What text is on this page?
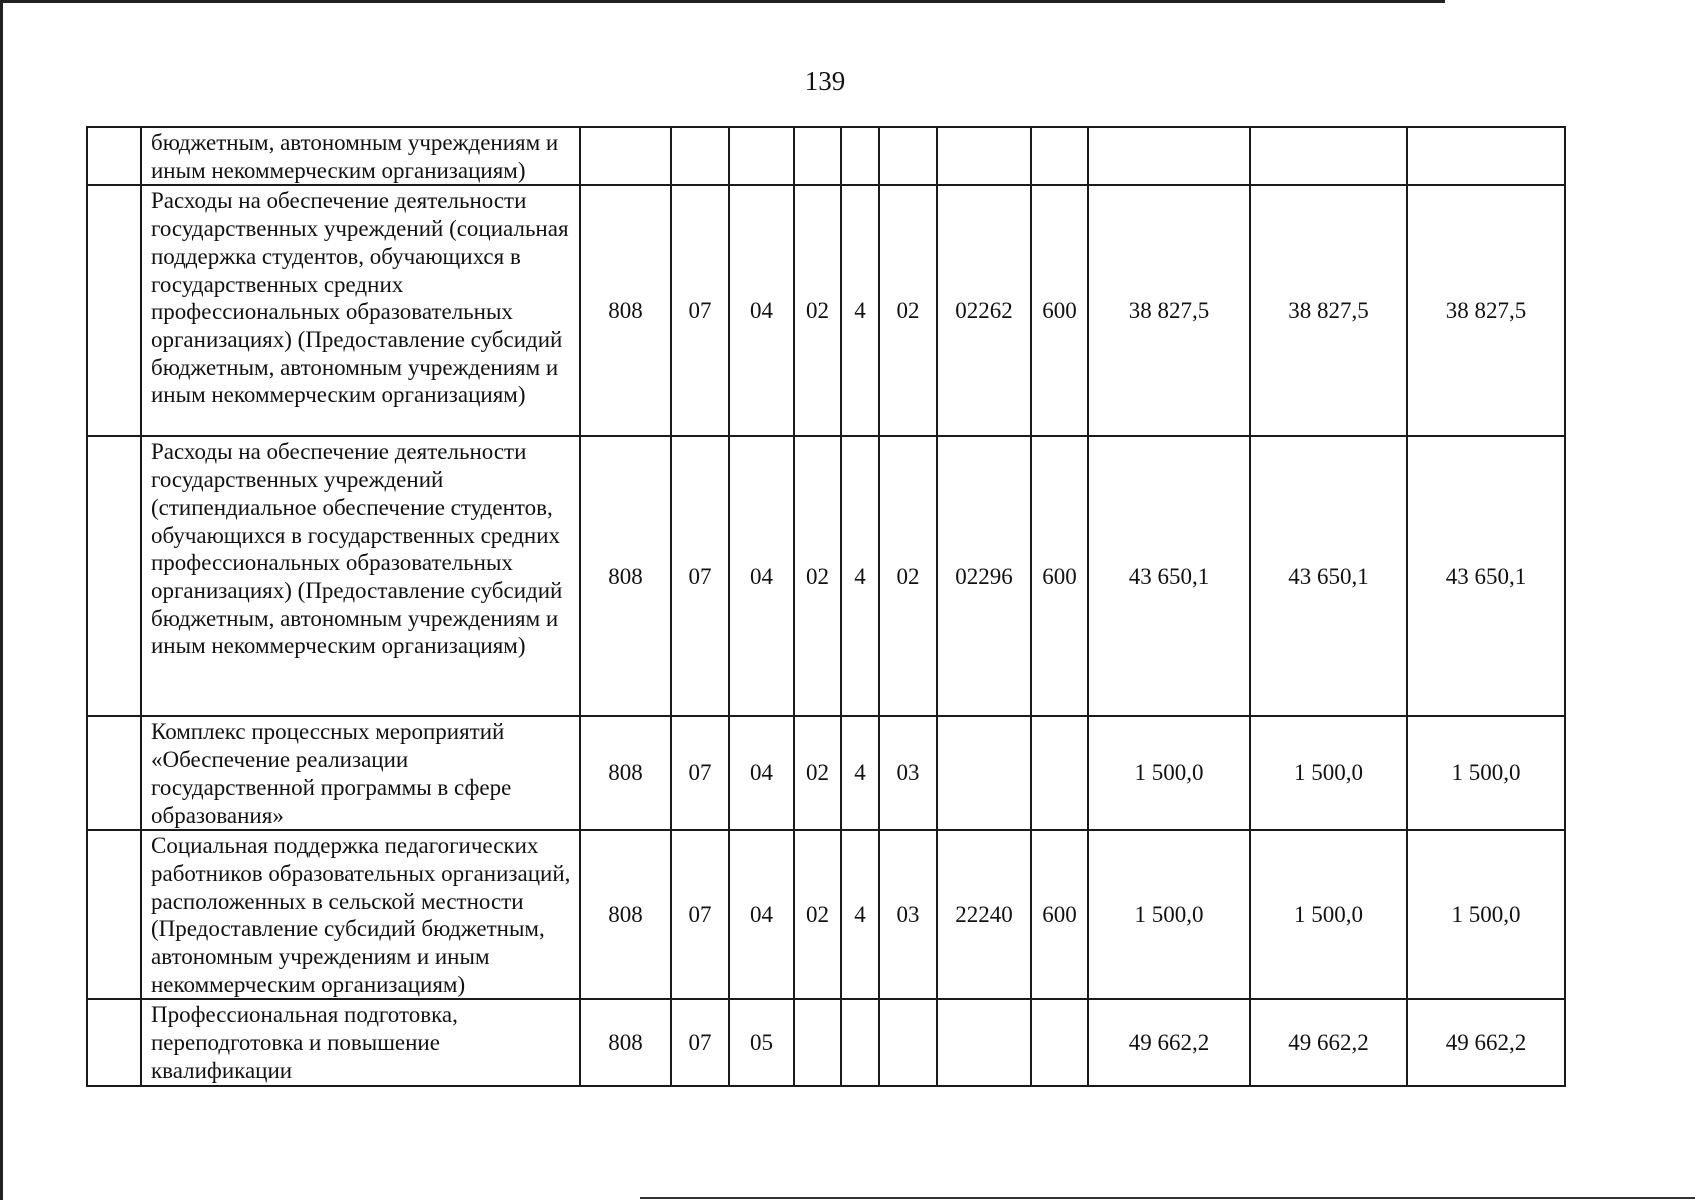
139
	бюджетным, автономным учреждениям и иным некоммерческим организациям)											
	Расходы на обеспечение деятельности государственных учреждений (социальная поддержка студентов, обучающихся в государственных средних профессиональных образовательных организациях) (Предоставление субсидий бюджетным, автономным учреждениям и иным некоммерческим организациям)	808	07	04	02	4	02	02262	600	38 827,5	38 827,5	38 827,5
	Расходы на обеспечение деятельности государственных учреждений (стипендиальное обеспечение студентов, обучающихся в государственных средних профессиональных образовательных организациях) (Предоставление субсидий бюджетным, автономным учреждениям и иным некоммерческим организациям)	808	07	04	02	4	02	02296	600	43 650,1	43 650,1	43 650,1
	Комплекс процессных мероприятий «Обеспечение реализации государственной программы в сфере образования»	808	07	04	02	4	03			1 500,0	1 500,0	1 500,0
	Социальная поддержка педагогических работников образовательных организаций, расположенных в сельской местности (Предоставление субсидий бюджетным, автономным учреждениям и иным некоммерческим организациям)	808	07	04	02	4	03	22240	600	1 500,0	1 500,0	1 500,0
	Профессиональная подготовка, переподготовка и повышение квалификации	808	07	05						49 662,2	49 662,2	49 662,2
